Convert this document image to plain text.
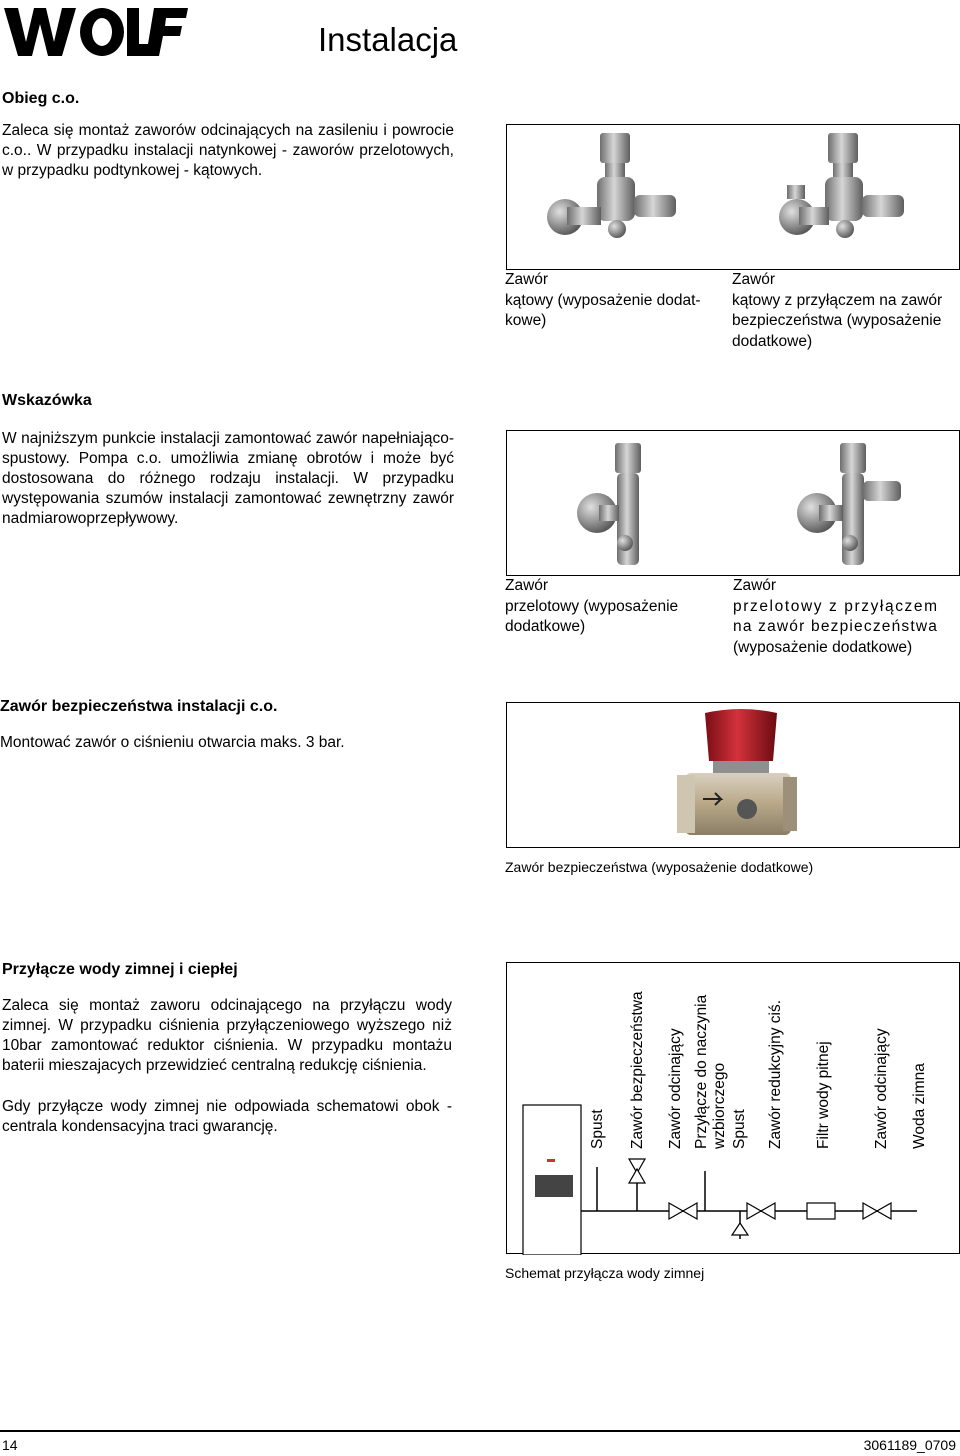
Instalacja
Obieg c.o.
Zaleca się montaż zaworów odcinających na zasileniu i powrocie c.o.. W przypadku instalacji natynkowej - zaworów przelotowych, w przypadku podtynkowej - kątowych.
Zawór
kątowy (wyposażenie dodat-
kowe)
Zawór
kątowy z przyłączem na zawór
bezpieczeństwa (wyposażenie
dodatkowe)
Wskazówka
W najniższym punkcie instalacji zamontować zawór napełniająco-spustowy. Pompa c.o. umożliwia zmianę obrotów i może być dostosowana do różnego rodzaju instalacji. W przypadku występowania szumów instalacji zamontować zewnętrzny zawór nadmiarowoprzepływowy.
Zawór
przelotowy (wyposażenie
dodatkowe)
Zawór
przelotowy z przyłączem
na zawór bezpieczeństwa
(wyposażenie dodatkowe)
Zawór bezpieczeństwa instalacji c.o.
Montować zawór o ciśnieniu otwarcia maks. 3 bar.
Zawór bezpieczeństwa (wyposażenie dodatkowe)
Przyłącze wody zimnej i ciepłej
Zaleca się montaż zaworu odcinającego na przyłączu wody zimnej. W przypadku ciśnienia przyłączeniowego wyższego niż 10bar zamontować reduktor ciśnienia. W przypadku montażu baterii mieszajacych przewidzieć centralną redukcję ciśnienia.
Gdy przyłącze wody zimnej nie odpowiada schematowi obok - centrala kondensacyjna traci gwarancję.	Spust Zawór bezpieczeństwa Zawór odcinający Przyłącze do naczynia wzbiorczego Spust Zawór redukcyjny ciś. Filtr wody pitnej	Zawór odcinający Woda zimna
Schemat przyłącza wody zimnej
14	3061189_0709
